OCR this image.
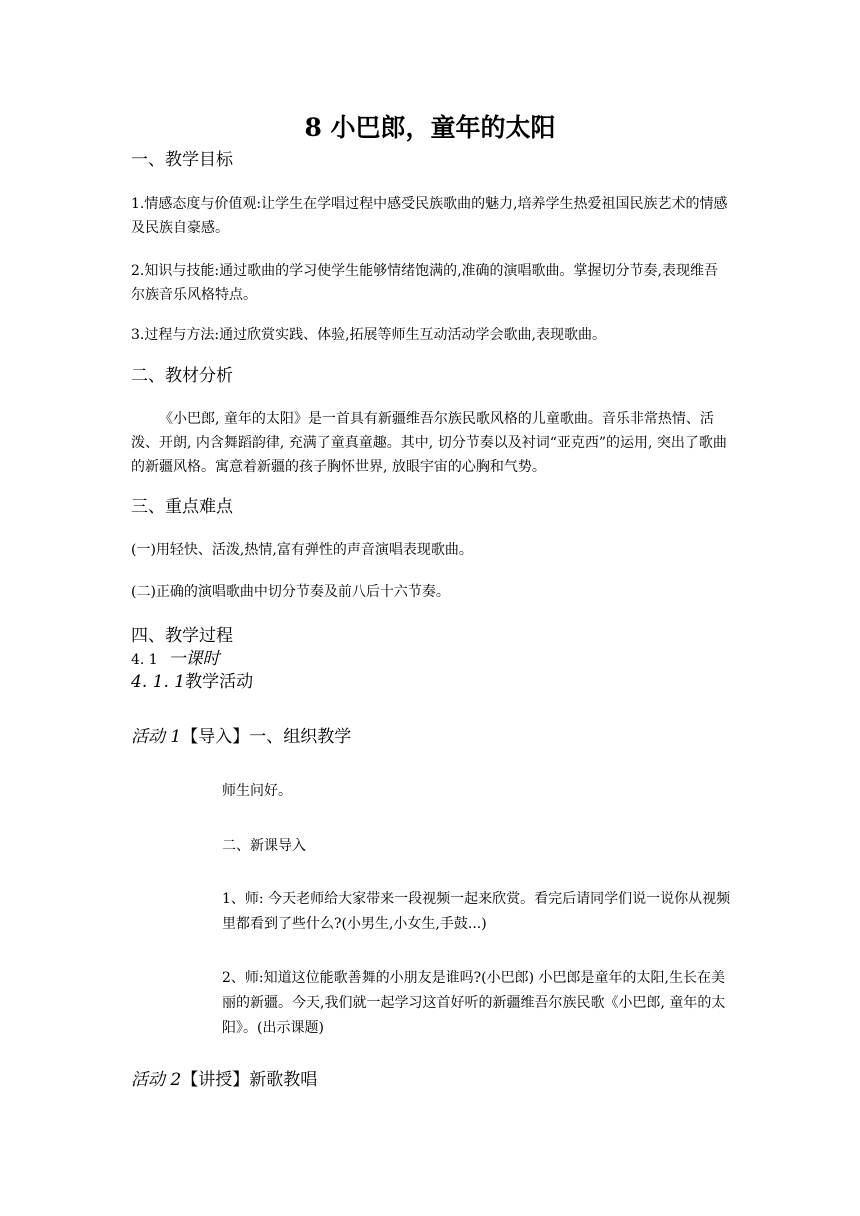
8 小巴郎，童年的太阳
一、教学目标

1.情感态度与价值观:让学生在学唱过程中感受民族歌曲的魅力,培养学生热爱祖国民族艺术的情感及民族自豪感。

2.知识与技能:通过歌曲的学习使学生能够情绪饱满的,准确的演唱歌曲。掌握切分节奏,表现维吾尔族音乐风格特点。

3.过程与方法:通过欣赏实践、体验,拓展等师生互动活动学会歌曲,表现歌曲。

二、教材分析

《小巴郎, 童年的太阳》是一首具有新疆维吾尔族民歌风格的儿童歌曲。音乐非常热情、活泼、开朗, 内含舞蹈韵律, 充满了童真童趣。其中, 切分节奏以及衬词“亚克西”的运用, 突出了歌曲的新疆风格。寓意着新疆的孩子胸怀世界, 放眼宇宙的心胸和气势。

三、重点难点

(一)用轻快、活泼,热情,富有弹性的声音演唱表现歌曲。

(二)正确的演唱歌曲中切分节奏及前八后十六节奏。

四、教学过程
4. 1 一课时
4. 1. 1教学活动
活动 1【导入】一、组织教学

师生问好。

二、新课导入

1、师: 今天老师给大家带来一段视频一起来欣赏。看完后请同学们说一说你从视频里都看到了些什么?(小男生,小女生,手鼓...)

2、师:知道这位能歌善舞的小朋友是谁吗?(小巴郎) 小巴郎是童年的太阳,生长在美丽的新疆。今天,我们就一起学习这首好听的新疆维吾尔族民歌《小巴郎, 童年的太阳》。(出示课题)

活动 2【讲授】新歌教唱
